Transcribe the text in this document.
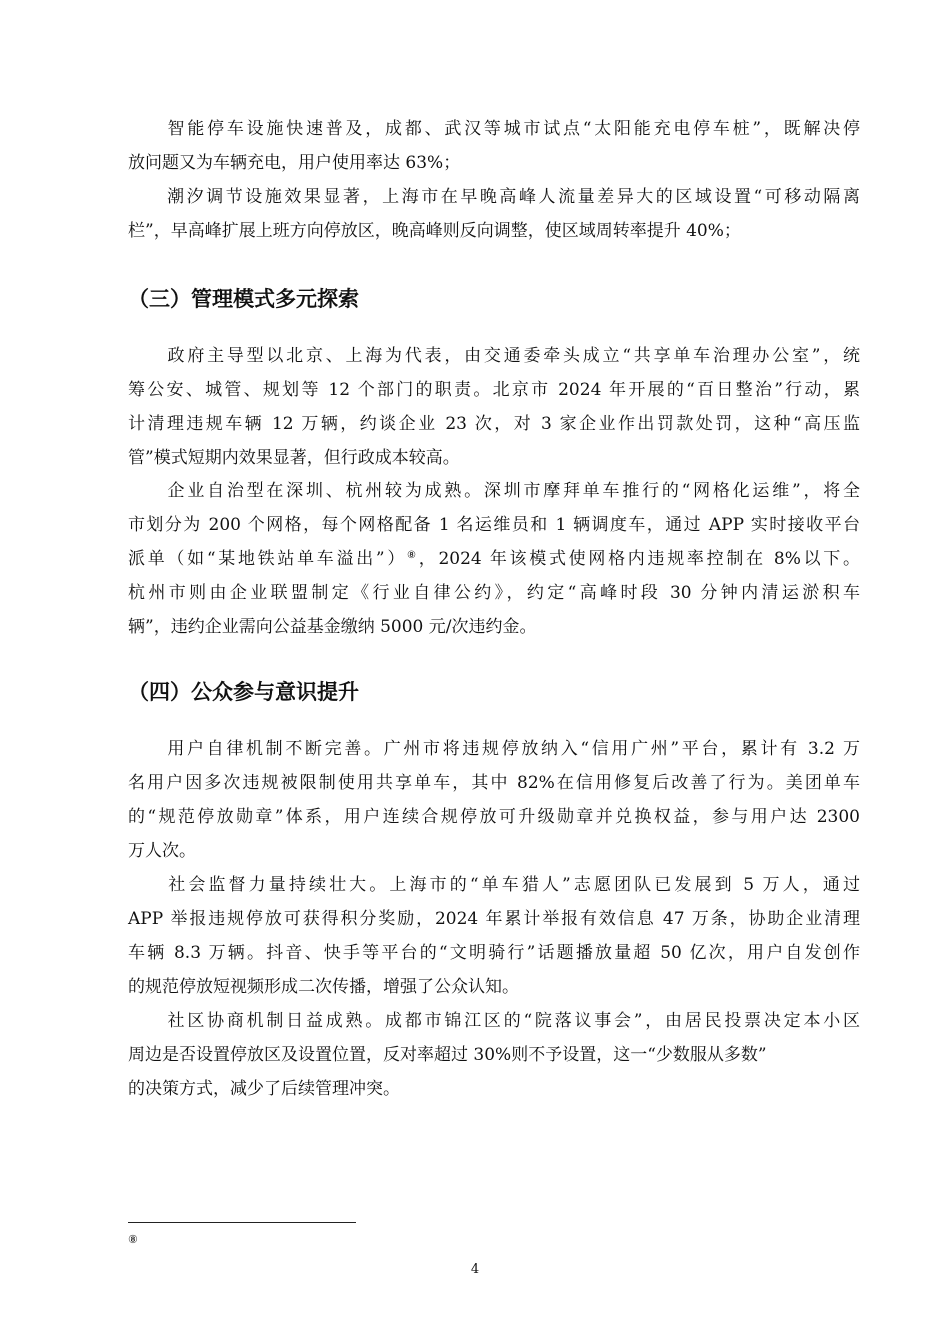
　　智能停车设施快速普及，成都、武汉等城市试点“太阳能充电停车桩”，既解决停
放问题又为车辆充电，用户使用率达 63%；
　　潮汐调节设施效果显著，上海市在早晚高峰人流量差异大的区域设置“可移动隔离
栏”，早高峰扩展上班方向停放区，晚高峰则反向调整，使区域周转率提升 40%；
（三）管理模式多元探索
　　政府主导型以北京、上海为代表，由交通委牵头成立“共享单车治理办公室”，统
筹公安、城管、规划等 12 个部门的职责。北京市 2024 年开展的“百日整治”行动，累
计清理违规车辆 12 万辆，约谈企业 23 次，对 3 家企业作出罚款处罚，这种“高压监
管”模式短期内效果显著，但行政成本较高。
　　企业自治型在深圳、杭州较为成熟。深圳市摩拜单车推行的“网格化运维”，将全
市划分为 200 个网格，每个网格配备 1 名运维员和 1 辆调度车，通过 APP 实时接收平台
派单（如“某地铁站单车溢出”）⑧，2024 年该模式使网格内违规率控制在 8%以下。
杭州市则由企业联盟制定《行业自律公约》，约定“高峰时段 30 分钟内清运淤积车
辆”，违约企业需向公益基金缴纳 5000 元/次违约金。
（四）公众参与意识提升
　　用户自律机制不断完善。广州市将违规停放纳入“信用广州”平台，累计有 3.2 万
名用户因多次违规被限制使用共享单车，其中 82%在信用修复后改善了行为。美团单车
的“规范停放勋章”体系，用户连续合规停放可升级勋章并兑换权益，参与用户达 2300
万人次。
　　社会监督力量持续壮大。上海市的“单车猎人”志愿团队已发展到 5 万人，通过
APP 举报违规停放可获得积分奖励，2024 年累计举报有效信息 47 万条，协助企业清理
车辆 8.3 万辆。抖音、快手等平台的“文明骑行”话题播放量超 50 亿次，用户自发创作
的规范停放短视频形成二次传播，增强了公众认知。
　　社区协商机制日益成熟。成都市锦江区的“院落议事会”，由居民投票决定本小区
周边是否设置停放区及设置位置，反对率超过 30%则不予设置，这一“少数服从多数”
的决策方式，减少了后续管理冲突。
⑧
4
